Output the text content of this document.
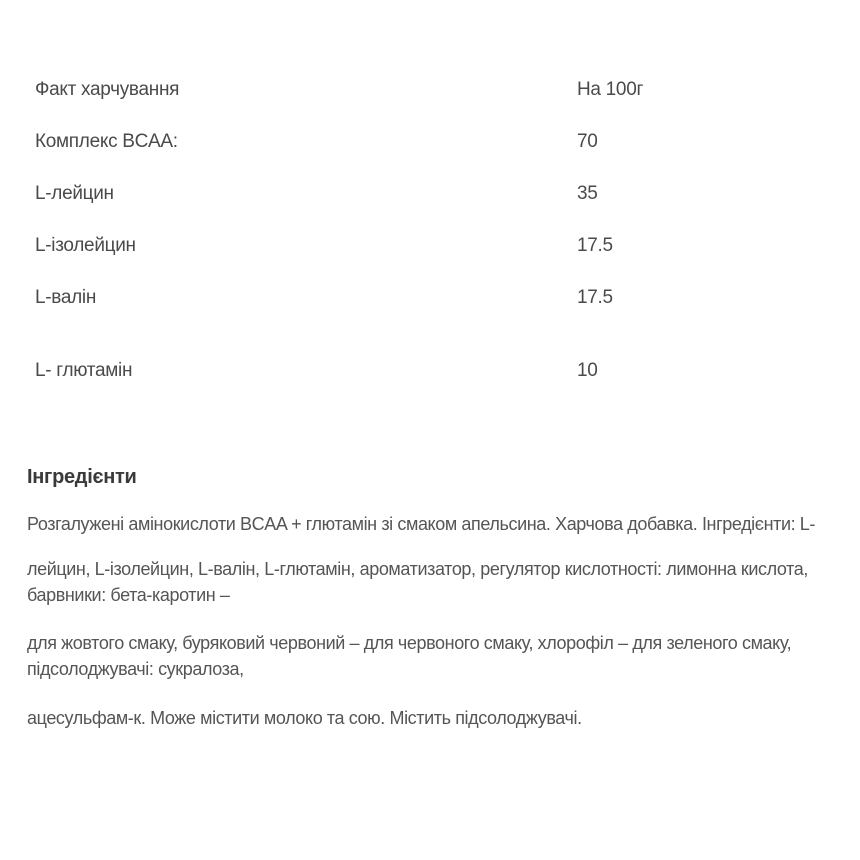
Факт харчування	На 100г
Комплекс BCAA:	70
L-лейцин	35
L-ізолейцин	17.5
L-валін	17.5
L- глютамін	10
Інгредієнти

Розгалужені амінокислоти BCAA + глютамін зі смаком апельсина. Харчова добавка. Інгредієнти: L-

лейцин, L-ізолейцин, L-валін, L-глютамін, ароматизатор, регулятор кислотності: лимонна кислота,
барвники: бета-каротин –

для жовтого смаку, буряковий червоний – для червоного смаку, хлорофіл – для зеленого смаку,
підсолоджувачі: сукралоза,

ацесульфам-к. Може містити молоко та сою. Містить підсолоджувачі.
